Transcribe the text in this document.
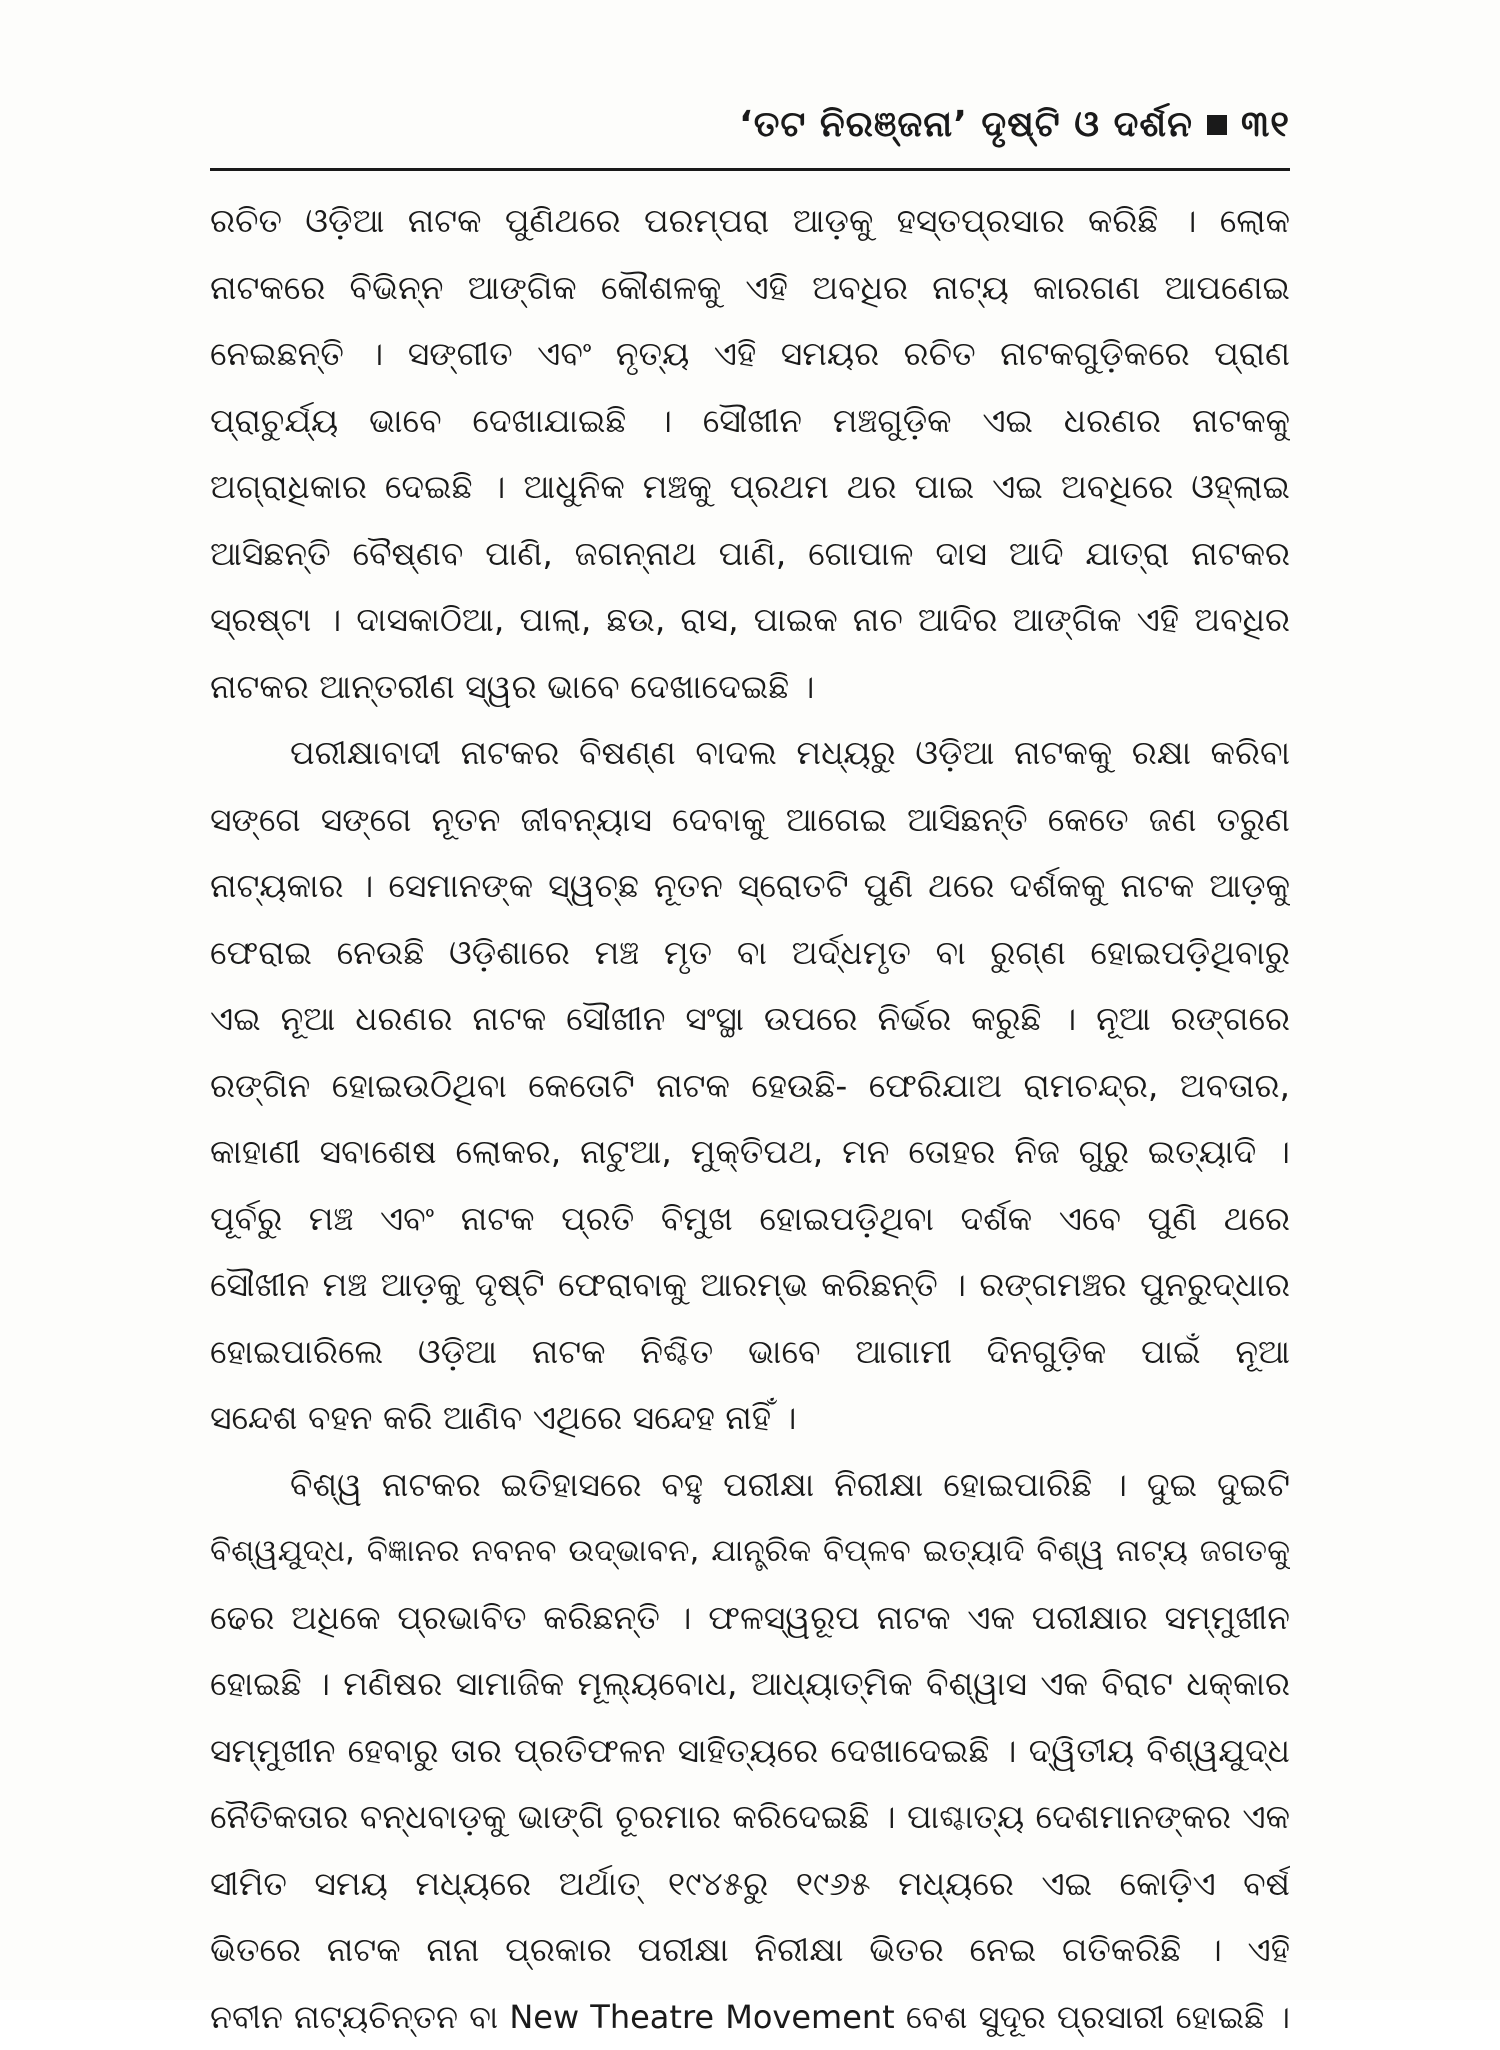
‘ତଟ ନିରଞ୍ଜନା’ ଦୃଷ୍ଟି ଓ ଦର୍ଶନ ୩୧
ରଚିତ ଓଡ଼ିଆ ନାଟକ ପୁଣିଥରେ ପରମ୍ପରା ଆଡ଼କୁ ହସ୍ତପ୍ରସାର କରିଛି । ଲୋକ
ନାଟକରେ ବିଭିନ୍ନ ଆଙ୍ଗିକ କୌଶଳକୁ ଏହି ଅବଧିର ନାଟ୍ୟ କାରଗଣ ଆପଣେଇ
ନେଇଛନ୍ତି । ସଙ୍ଗୀତ ଏବଂ ନୃତ୍ୟ ଏହି ସମୟର ରଚିତ ନାଟକଗୁଡ଼ିକରେ ପ୍ରାଣ
ପ୍ରାଚୁର୍ଯ୍ୟ ଭାବେ ଦେଖାଯାଇଛି । ସୌଖୀନ ମଞ୍ଚଗୁଡ଼ିକ ଏଇ ଧରଣର ନାଟକକୁ
ଅଗ୍ରାଧିକାର ଦେଇଛି । ଆଧୁନିକ ମଞ୍ଚକୁ ପ୍ରଥମ ଥର ପାଇ ଏଇ ଅବଧିରେ ଓହ୍ଲାଇ
ଆସିଛନ୍ତି ବୈଷ୍ଣବ ପାଣି, ଜଗନ୍ନାଥ ପାଣି, ଗୋପାଳ ଦାସ ଆଦି ଯାତ୍ରା ନାଟକର
ସ୍ରଷ୍ଟା । ଦାସକାଠିଆ, ପାଲା, ଛଉ, ରାସ, ପାଇକ ନାଚ ଆଦିର ଆଙ୍ଗିକ ଏହି ଅବଧିର
ନାଟକର ଆନ୍ତରୀଣ ସ୍ୱର ଭାବେ ଦେଖାଦେଇଛି ।
ପରୀକ୍ଷାବାଦୀ ନାଟକର ବିଷଣ୍ଣ ବାଦଲ ମଧ୍ୟରୁ ଓଡ଼ିଆ ନାଟକକୁ ରକ୍ଷା କରିବା
ସଙ୍ଗେ ସଙ୍ଗେ ନୂତନ ଜୀବନ୍ୟାସ ଦେବାକୁ ଆଗେଇ ଆସିଛନ୍ତି କେତେ ଜଣ ତରୁଣ
ନାଟ୍ୟକାର । ସେମାନଙ୍କ ସ୍ୱଚ୍ଛ ନୂତନ ସ୍ରୋତଟି ପୁଣି ଥରେ ଦର୍ଶକକୁ ନାଟକ ଆଡ଼କୁ
ଫେରାଇ ନେଉଛି ଓଡ଼ିଶାରେ ମଞ୍ଚ ମୃତ ବା ଅର୍ଦ୍ଧମୃତ ବା ରୁଗ୍ଣ ହୋଇପଡ଼ିଥିବାରୁ
ଏଇ ନୂଆ ଧରଣର ନାଟକ ସୌଖୀନ ସଂସ୍ଥା ଉପରେ ନିର୍ଭର କରୁଛି । ନୂଆ ରଙ୍ଗରେ
ରଙ୍ଗିନ ହୋଇଉଠିଥିବା କେତୋଟି ନାଟକ ହେଉଛି- ଫେରିଯାଅ ରାମଚନ୍ଦ୍ର, ଅବତାର,
କାହାଣୀ ସବାଶେଷ ଲୋକର, ନାଟୁଆ, ମୁକ୍ତିପଥ, ମନ ତୋହର ନିଜ ଗୁରୁ ଇତ୍ୟାଦି ।
ପୂର୍ବରୁ ମଞ୍ଚ ଏବଂ ନାଟକ ପ୍ରତି ବିମୁଖ ହୋଇପଡ଼ିଥିବା ଦର୍ଶକ ଏବେ ପୁଣି ଥରେ
ସୌଖୀନ ମଞ୍ଚ ଆଡ଼କୁ ଦୃଷ୍ଟି ଫେରାବାକୁ ଆରମ୍ଭ କରିଛନ୍ତି । ରଙ୍ଗମଞ୍ଚର ପୁନରୁଦ୍ଧାର
ହୋଇପାରିଲେ ଓଡ଼ିଆ ନାଟକ ନିଶ୍ଚିତ ଭାବେ ଆଗାମୀ ଦିନଗୁଡ଼ିକ ପାଇଁ ନୂଆ
ସନ୍ଦେଶ ବହନ କରି ଆଣିବ ଏଥିରେ ସନ୍ଦେହ ନାହିଁ ।
ବିଶ୍ୱ ନାଟକର ଇତିହାସରେ ବହୁ ପରୀକ୍ଷା ନିରୀକ୍ଷା ହୋଇପାରିଛି । ଦୁଇ ଦୁଇଟି
ବିଶ୍ୱଯୁଦ୍ଧ, ବିଜ୍ଞାନର ନବନବ ଉଦ୍ଭାବନ, ଯାନ୍ତ୍ରିକ ବିପ୍ଳବ ଇତ୍ୟାଦି ବିଶ୍ୱ ନାଟ୍ୟ ଜଗତକୁ
ଢେର ଅଧିକେ ପ୍ରଭାବିତ କରିଛନ୍ତି । ଫଳସ୍ୱରୂପ ନାଟକ ଏକ ପରୀକ୍ଷାର ସମ୍ମୁଖୀନ
ହୋଇଛି । ମଣିଷର ସାମାଜିକ ମୂଲ୍ୟବୋଧ, ଆଧ୍ୟାତ୍ମିକ ବିଶ୍ୱାସ ଏକ ବିରାଟ ଧକ୍କାର
ସମ୍ମୁଖୀନ ହେବାରୁ ତାର ପ୍ରତିଫଳନ ସାହିତ୍ୟରେ ଦେଖାଦେଇଛି । ଦ୍ୱିତୀୟ ବିଶ୍ୱଯୁଦ୍ଧ
ନୈତିକତାର ବନ୍ଧବାଡ଼କୁ ଭାଙ୍ଗି ଚୂରମାର କରିଦେଇଛି । ପାଶ୍ଚାତ୍ୟ ଦେଶମାନଙ୍କର ଏକ
ସୀମିତ ସମୟ ମଧ୍ୟରେ ଅର୍ଥାତ୍ ୧୯୪୫ରୁ ୧୯୬୫ ମଧ୍ୟରେ ଏଇ କୋଡ଼ିଏ ବର୍ଷ
ଭିତରେ ନାଟକ ନାନା ପ୍ରକାର ପରୀକ୍ଷା ନିରୀକ୍ଷା ଭିତର ନେଇ ଗତିକରିଛି । ଏହି
ନବୀନ ନାଟ୍ୟଚିନ୍ତନ ବା New Theatre Movement ବେଶ ସୁଦୂର ପ୍ରସାରୀ ହୋଇଛି ।
